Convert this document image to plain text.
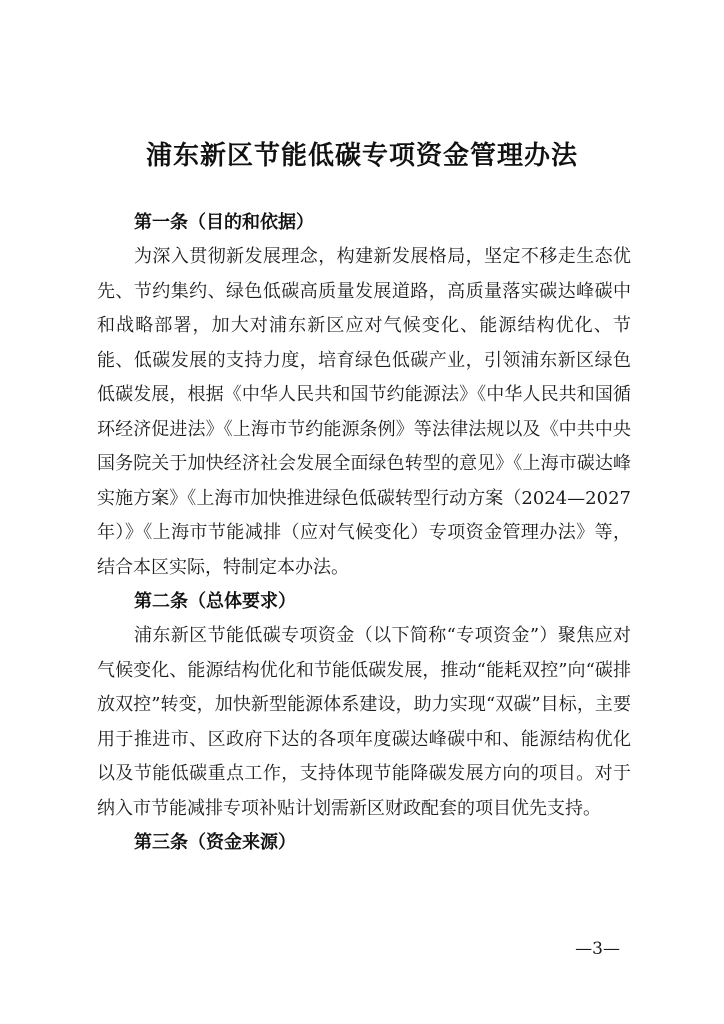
浦东新区节能低碳专项资金管理办法
第一条（目的和依据）

为深入贯彻新发展理念，构建新发展格局，坚定不移走生态优先、节约集约、绿色低碳高质量发展道路，高质量落实碳达峰碳中和战略部署，加大对浦东新区应对气候变化、能源结构优化、节能、低碳发展的支持力度，培育绿色低碳产业，引领浦东新区绿色低碳发展，根据《中华人民共和国节约能源法》《中华人民共和国循环经济促进法》《上海市节约能源条例》等法律法规以及《中共中央 国务院关于加快经济社会发展全面绿色转型的意见》《上海市碳达峰实施方案》《上海市加快推进绿色低碳转型行动方案（2024—2027年）》《上海市节能减排（应对气候变化）专项资金管理办法》等，结合本区实际，特制定本办法。

第二条（总体要求）

浦东新区节能低碳专项资金（以下简称“专项资金”）聚焦应对气候变化、能源结构优化和节能低碳发展，推动“能耗双控”向“碳排放双控”转变，加快新型能源体系建设，助力实现“双碳”目标，主要用于推进市、区政府下达的各项年度碳达峰碳中和、能源结构优化以及节能低碳重点工作，支持体现节能降碳发展方向的项目。对于纳入市节能减排专项补贴计划需新区财政配套的项目优先支持。

第三条（资金来源）
—3—
